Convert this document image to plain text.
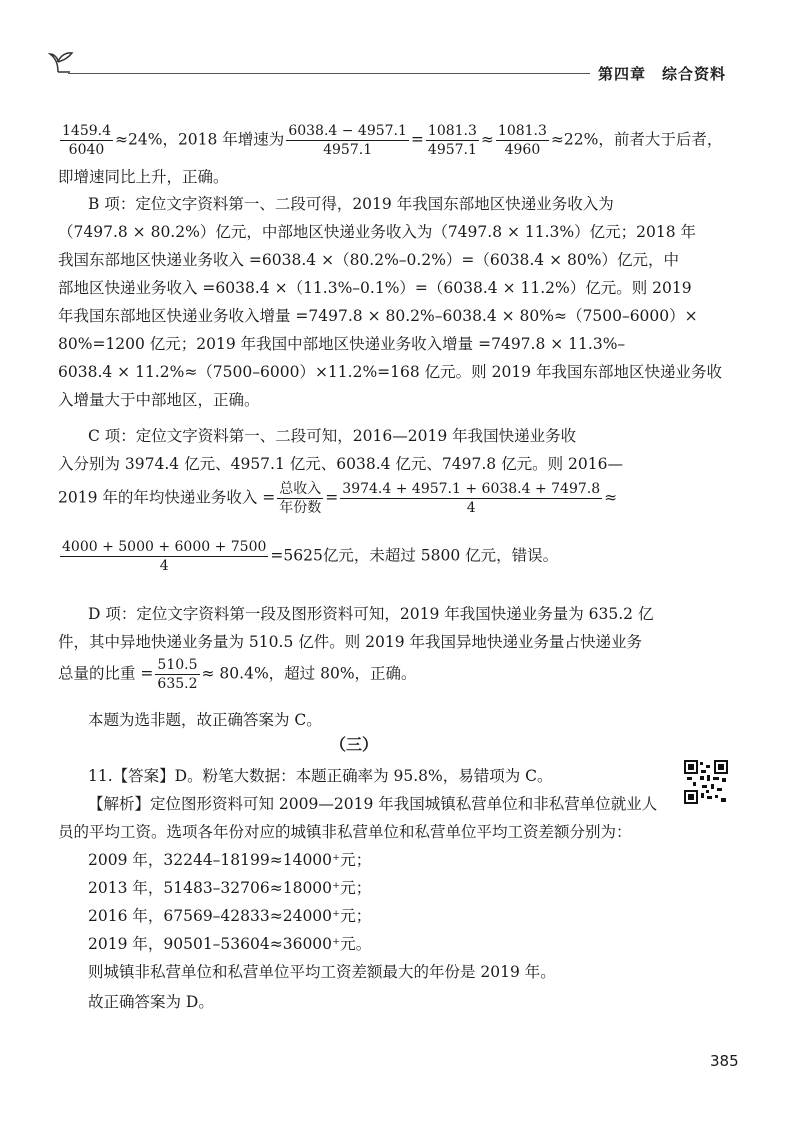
第四章　综合资料
$\frac{1459.4}{6040} \approx 24\%$，2018 年增速为 $\frac{6038.4 - 4957.1}{4957.1} = \frac{1081.3}{4957.1} \approx \frac{1081.3}{4960} \approx 22\%$，前者大于后者，
即增速同比上升，正确。
B 项：定位文字资料第一、二段可得，2019 年我国东部地区快递业务收入为
（7497.8 × 80.2%）亿元，中部地区快递业务收入为（7497.8 × 11.3%）亿元；2018 年
我国东部地区快递业务收入 =6038.4 ×（80.2%–0.2%）=（6038.4 × 80%）亿元，中
部地区快递业务收入 =6038.4 ×（11.3%–0.1%）=（6038.4 × 11.2%）亿元。则 2019
年我国东部地区快递业务收入增量 =7497.8 × 80.2%–6038.4 × 80%≈（7500–6000）×
80%=1200 亿元；2019 年我国中部地区快递业务收入增量 =7497.8 × 11.3%–
6038.4 × 11.2%≈（7500–6000）×11.2%=168 亿元。则 2019 年我国东部地区快递业务收
入增量大于中部地区，正确。
C 项：定位文字资料第一、二段可知，2016—2019 年我国快递业务收
入分别为 3974.4 亿元、4957.1 亿元、6038.4 亿元、7497.8 亿元。则 2016—
2019 年的年均快递业务收入 = $\frac{\text{总收入}}{\text{年份数}} = \frac{3974.4 + 4957.1 + 6038.4 + 7497.8}{4}$ ≈
$\frac{4000 + 5000 + 6000 + 7500}{4} =5625$亿元，未超过 5800 亿元，错误。
D 项：定位文字资料第一段及图形资料可知，2019 年我国快递业务量为 635.2 亿
件，其中异地快递业务量为 510.5 亿件。则 2019 年我国异地快递业务量占快递业务
总量的比重 = $\frac{510.5}{635.2} \approx 80.4\%$，超过 80%，正确。
本题为选非题，故正确答案为 C。
（三）
11.【答案】D。粉笔大数据：本题正确率为 95.8%，易错项为 C。
【解析】定位图形资料可知 2009—2019 年我国城镇私营单位和非私营单位就业人
员的平均工资。选项各年份对应的城镇非私营单位和私营单位平均工资差额分别为：
2009 年，32244–18199≈14000⁺元；
2013 年，51483–32706≈18000⁺元；
2016 年，67569–42833≈24000⁺元；
2019 年，90501–53604≈36000⁺元。
则城镇非私营单位和私营单位平均工资差额最大的年份是 2019 年。
故正确答案为 D。
385
